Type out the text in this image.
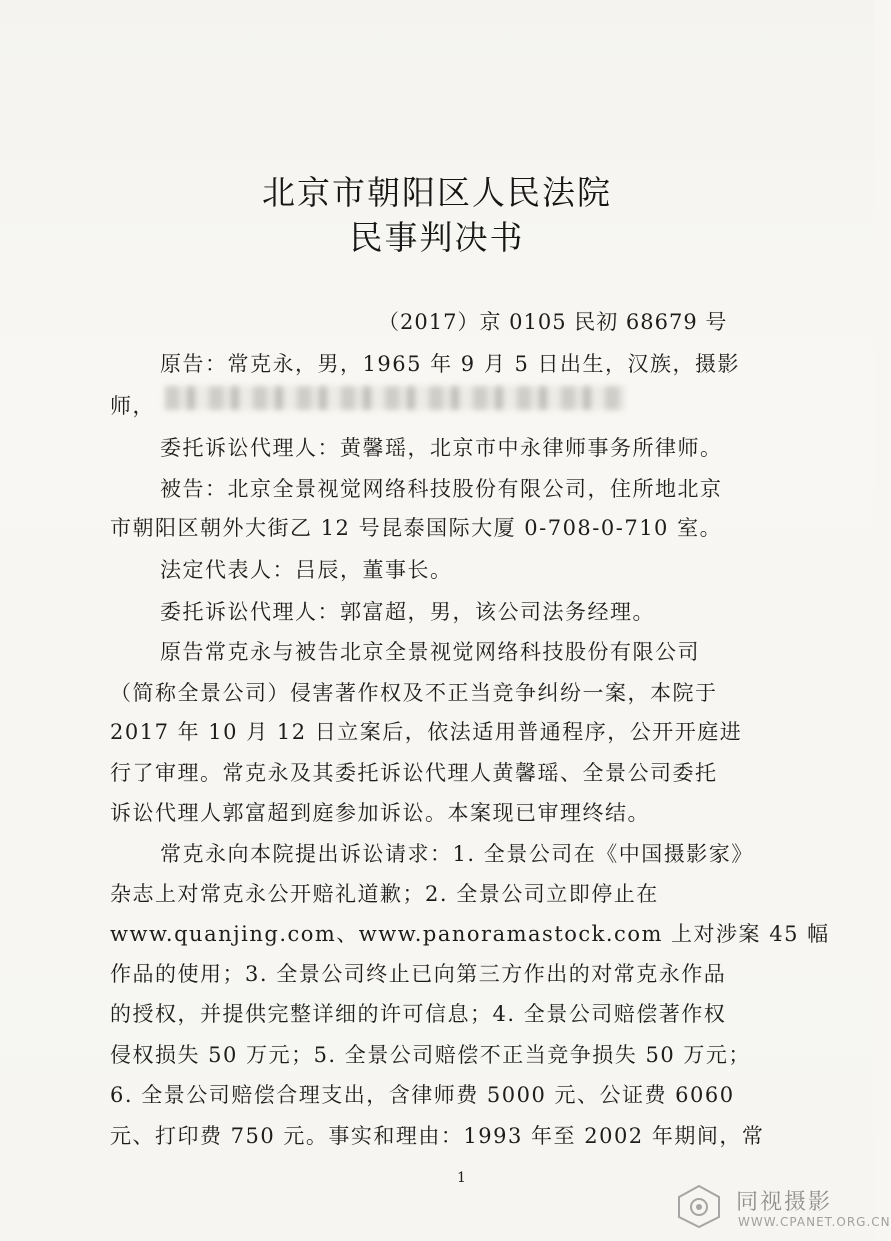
北京市朝阳区人民法院
民事判决书
（2017）京 0105 民初 68679 号
原告：常克永，男，1965 年 9 月 5 日出生，汉族，摄影
师，
委托诉讼代理人：黄馨瑶，北京市中永律师事务所律师。
被告：北京全景视觉网络科技股份有限公司，住所地北京
市朝阳区朝外大街乙 12 号昆泰国际大厦 0-708-0-710 室。
法定代表人：吕辰，董事长。
委托诉讼代理人：郭富超，男，该公司法务经理。
原告常克永与被告北京全景视觉网络科技股份有限公司
（简称全景公司）侵害著作权及不正当竞争纠纷一案，本院于
2017 年 10 月 12 日立案后，依法适用普通程序，公开开庭进
行了审理。常克永及其委托诉讼代理人黄馨瑶、全景公司委托
诉讼代理人郭富超到庭参加诉讼。本案现已审理终结。
常克永向本院提出诉讼请求：1. 全景公司在《中国摄影家》
杂志上对常克永公开赔礼道歉；2. 全景公司立即停止在
www.quanjing.com、www.panoramastock.com 上对涉案 45 幅
作品的使用；3. 全景公司终止已向第三方作出的对常克永作品
的授权，并提供完整详细的许可信息；4. 全景公司赔偿著作权
侵权损失 50 万元；5. 全景公司赔偿不正当竞争损失 50 万元；
6. 全景公司赔偿合理支出，含律师费 5000 元、公证费 6060
元、打印费 750 元。事实和理由：1993 年至 2002 年期间，常
1
同视摄影
WWW.CPANET.ORG.CN
